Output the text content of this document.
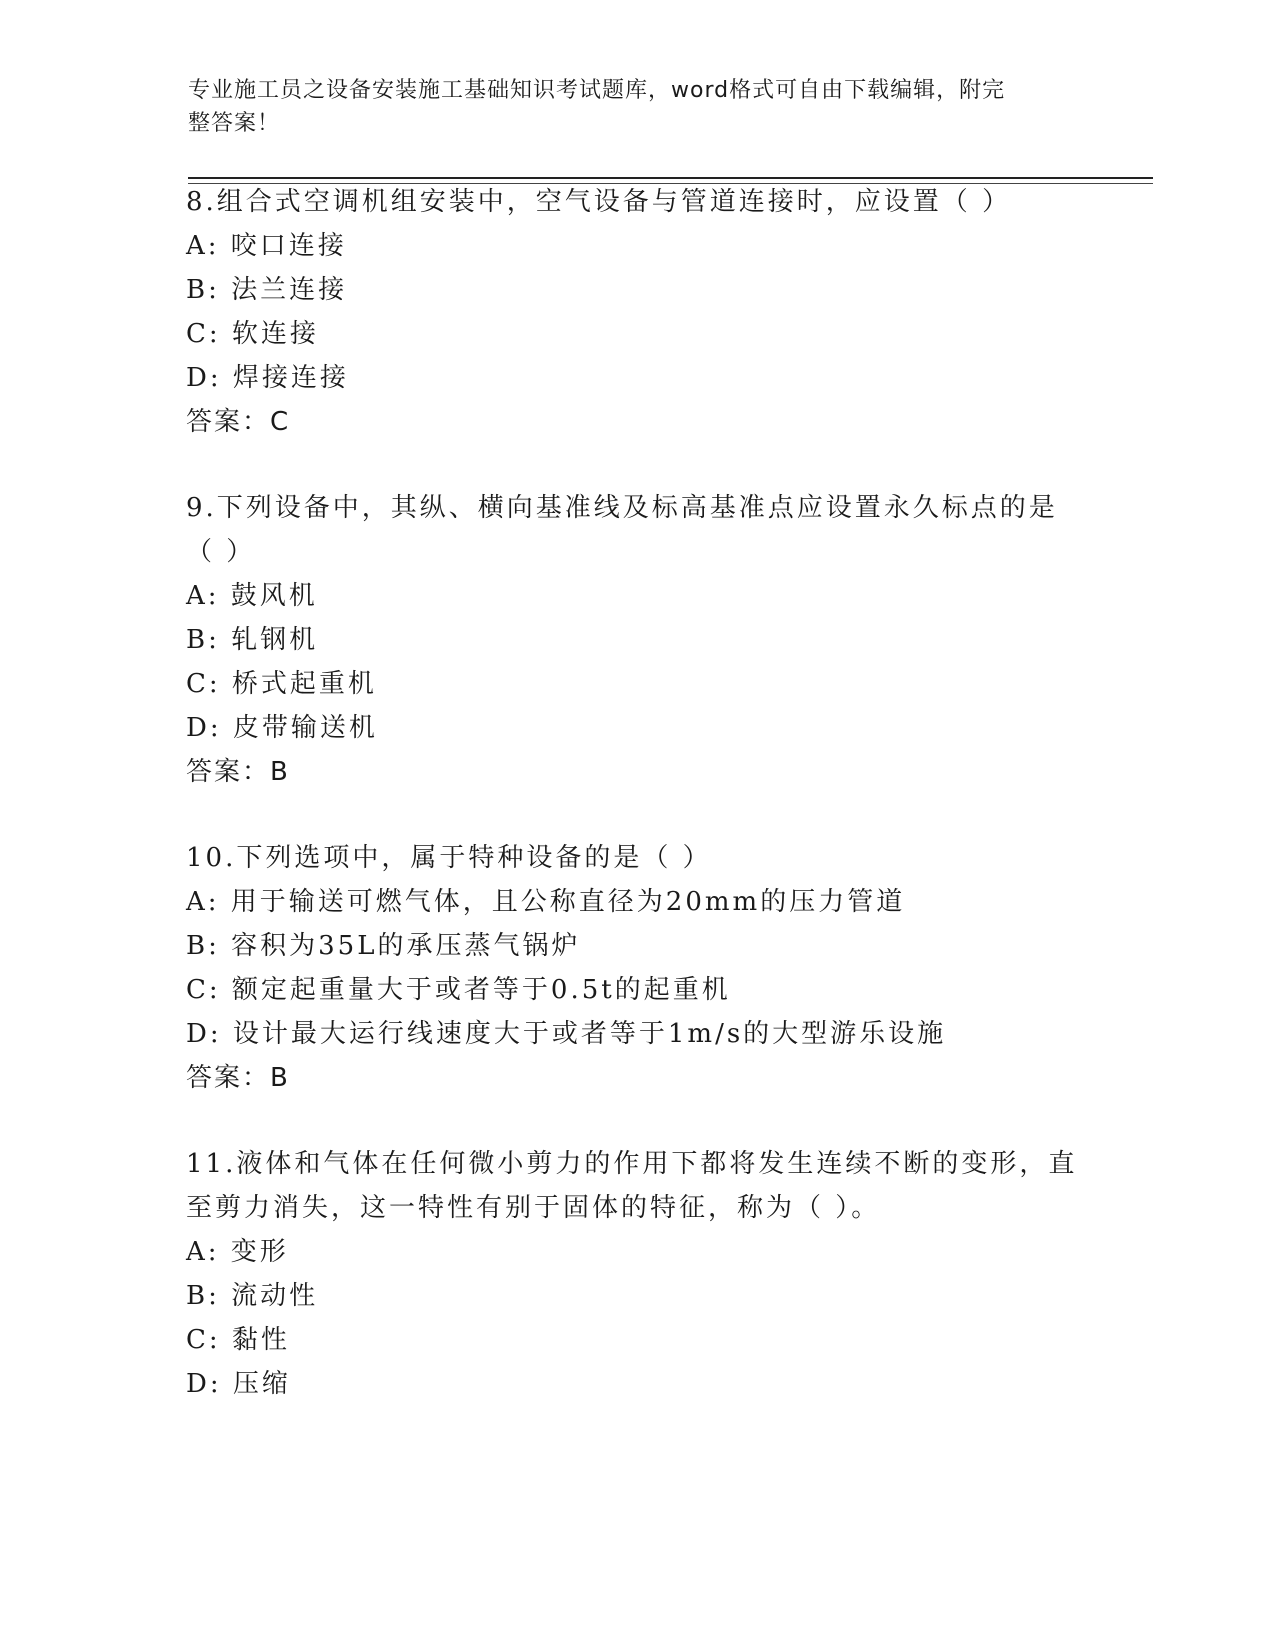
专业施工员之设备安装施工基础知识考试题库，word格式可自由下载编辑，附完
整答案！
8.组合式空调机组安装中，空气设备与管道连接时，应设置（ ）
A: 咬口连接
B: 法兰连接
C: 软连接
D: 焊接连接
答案：C
9.下列设备中，其纵、横向基准线及标高基准点应设置永久标点的是
（ ）
A: 鼓风机
B: 轧钢机
C: 桥式起重机
D: 皮带输送机
答案：B
10.下列选项中，属于特种设备的是（ ）
A: 用于输送可燃气体，且公称直径为20mm的压力管道
B: 容积为35L的承压蒸气锅炉
C: 额定起重量大于或者等于0.5t的起重机
D: 设计最大运行线速度大于或者等于1m/s的大型游乐设施
答案：B
11.液体和气体在任何微小剪力的作用下都将发生连续不断的变形，直
至剪力消失，这一特性有别于固体的特征，称为（ ）。
A: 变形
B: 流动性
C: 黏性
D: 压缩
